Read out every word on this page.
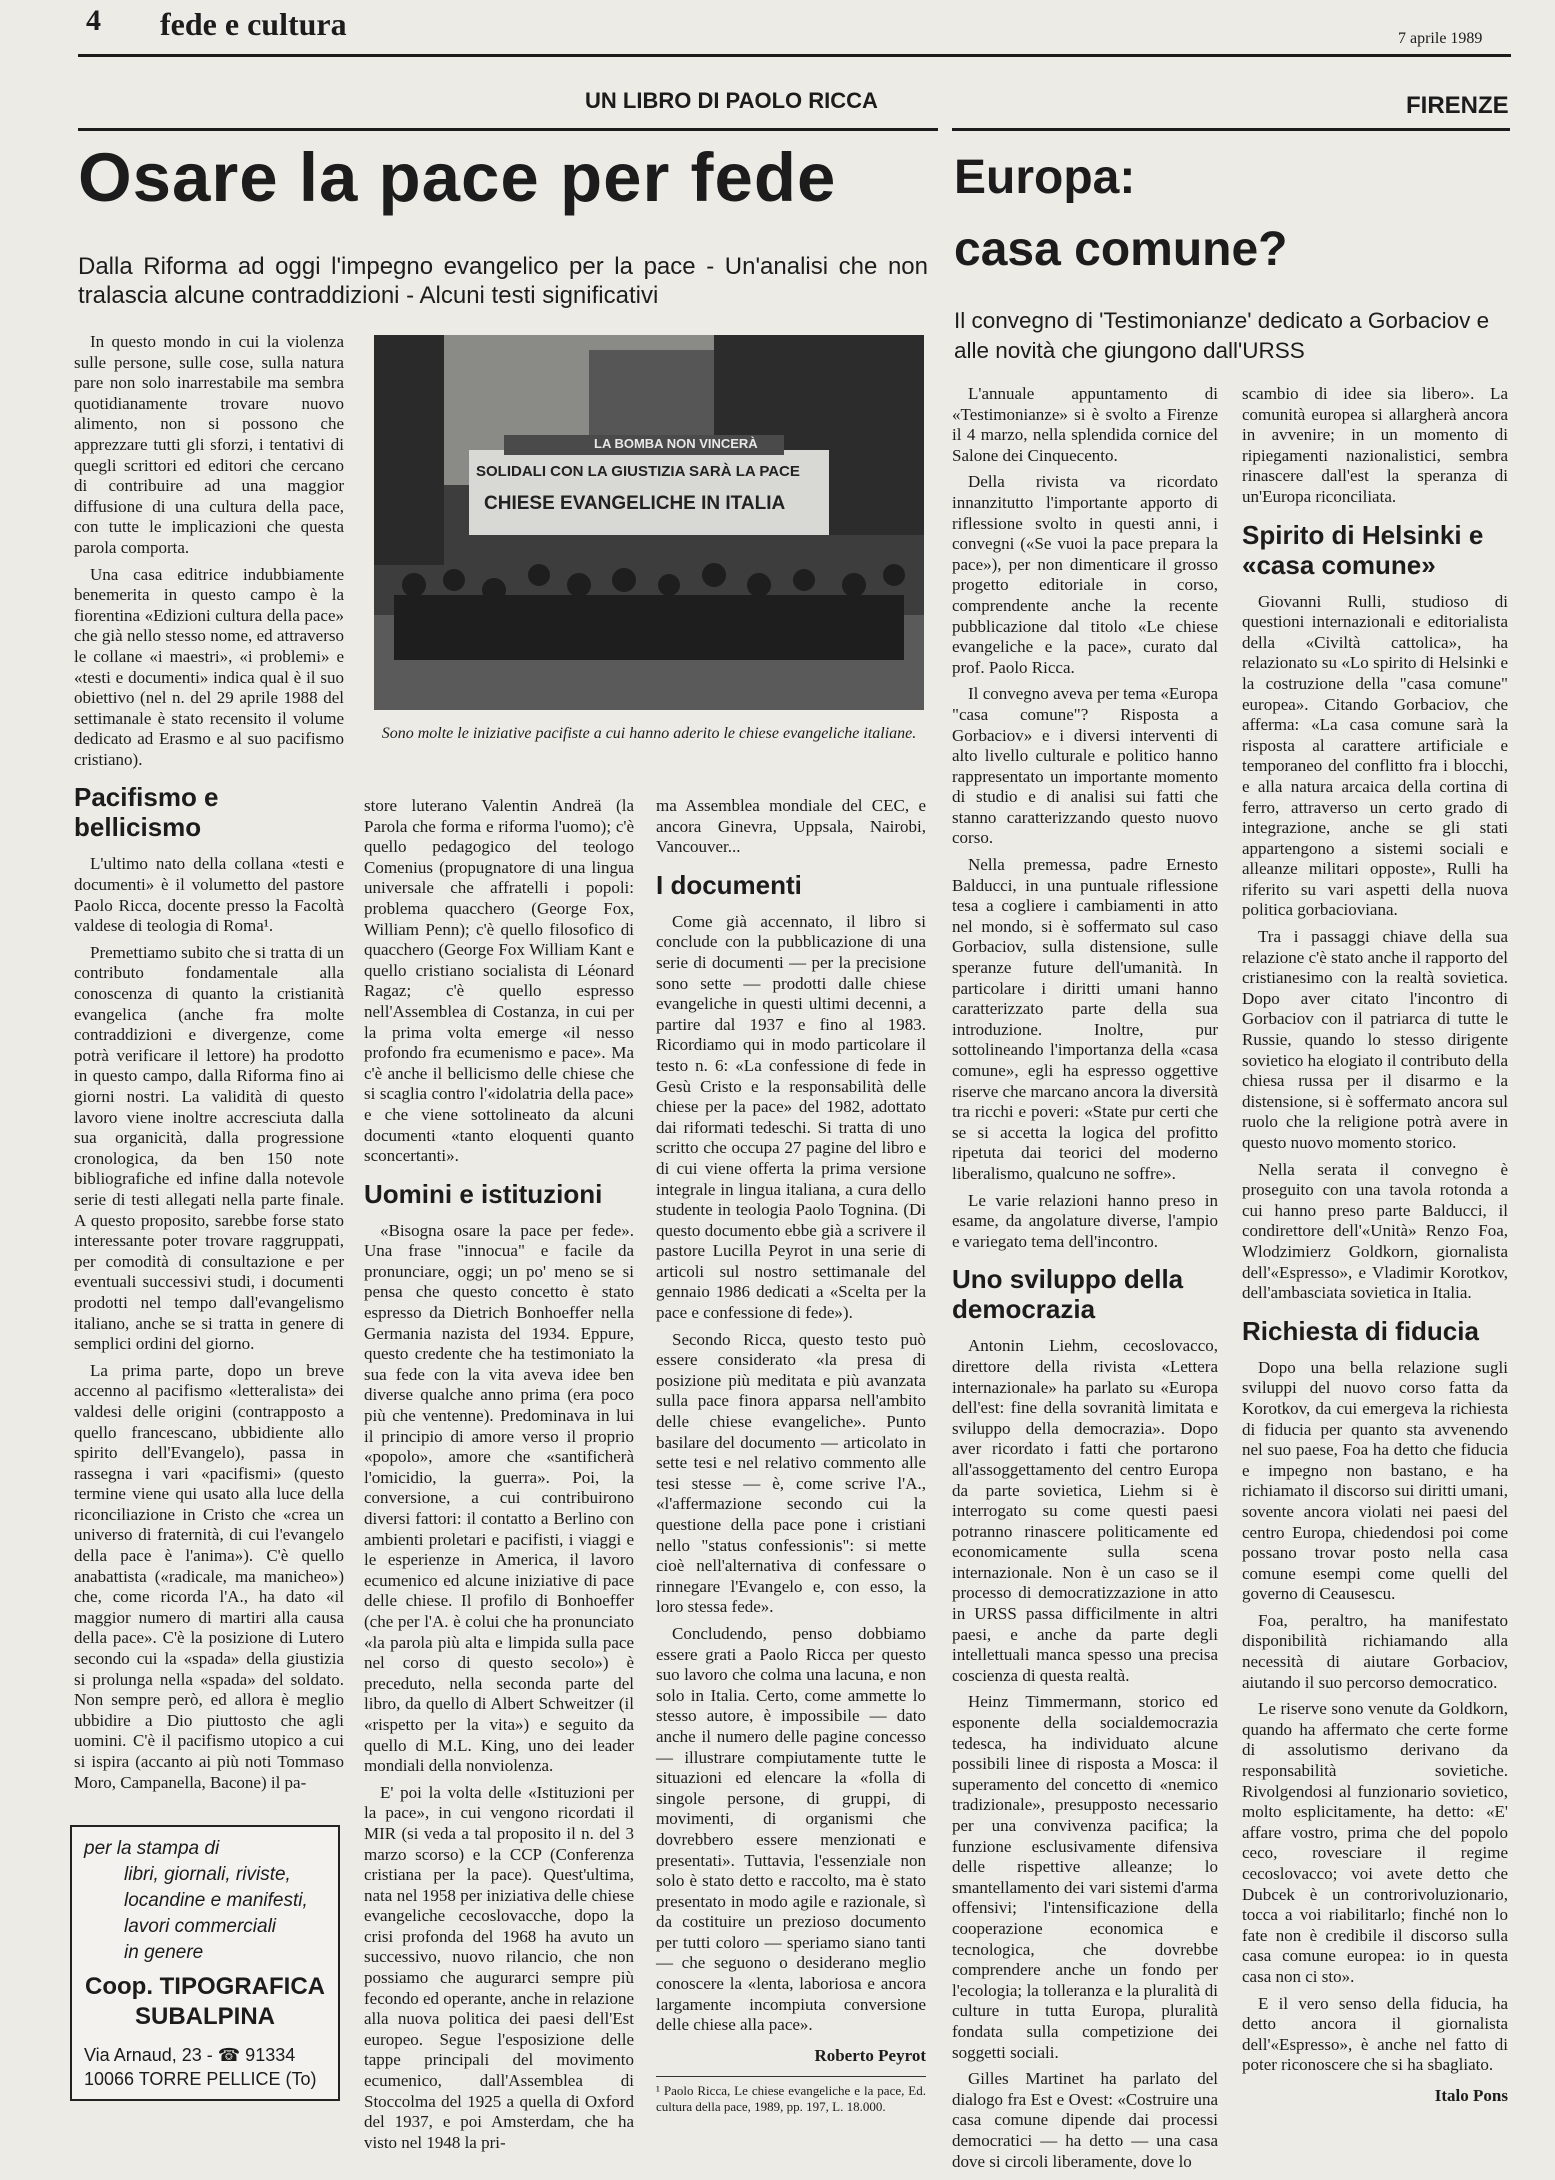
4 fede e cultura	7 aprile 1989
UN LIBRO DI PAOLO RICCA	FIRENZE
Osare la pace per fede
Dalla Riforma ad oggi l'impegno evangelico per la pace - Un'analisi che non tralascia alcune contraddizioni - Alcuni testi significativi
Europa:
casa comune?
Il convegno di 'Testimonianze' dedicato a Gorbaciov e alle novità che giungono dall'URSS

In questo mondo in cui la violenza sulle persone, sulle cose, sulla natura pare non solo inarrestabile ma sembra quotidianamente trovare nuovo alimento, non si possono che apprezzare tutti gli sforzi, i tentativi di quegli scrittori ed editori che cercano di contribuire ad una maggior diffusione di una cultura della pace, con tutte le implicazioni che questa parola comporta.

Una casa editrice indubbiamente benemerita in questo campo è la fiorentina «Edizioni cultura della pace» che già nello stesso nome, ed attraverso le collane «i maestri», «i problemi» e «testi e documenti» indica qual è il suo obiettivo (nel n. del 29 aprile 1988 del settimanale è stato recensito il volume dedicato ad Erasmo e al suo pacifismo cristiano).

Pacifismo e bellicismo

L'ultimo nato della collana «testi e documenti» è il volumetto del pastore Paolo Ricca, docente presso la Facoltà valdese di teologia di Roma¹.

Premettiamo subito che si tratta di un contributo fondamentale alla conoscenza di quanto la cristianità evangelica (anche fra molte contraddizioni e divergenze, come potrà verificare il lettore) ha prodotto in questo campo, dalla Riforma fino ai giorni nostri. La validità di questo lavoro viene inoltre accresciuta dalla sua organicità, dalla progressione cronologica, da ben 150 note bibliografiche ed infine dalla notevole serie di testi allegati nella parte finale. A questo proposito, sarebbe forse stato interessante poter trovare raggruppati, per comodità di consultazione e per eventuali successivi studi, i documenti prodotti nel tempo dall'evangelismo italiano, anche se si tratta in genere di semplici ordini del giorno.

La prima parte, dopo un breve accenno al pacifismo «letteralista» dei valdesi delle origini (contrapposto a quello francescano, ubbidiente allo spirito dell'Evangelo), passa in rassegna i vari «pacifismi» (questo termine viene qui usato alla luce della riconciliazione in Cristo che «crea un universo di fraternità, di cui l'evangelo della pace è l'anima»). C'è quello anabattista («radicale, ma manicheo») che, come ricorda l'A., ha dato «il maggior numero di martiri alla causa della pace». C'è la posizione di Lutero secondo cui la «spada» della giustizia si prolunga nella «spada» del soldato. Non sempre però, ed allora è meglio ubbidire a Dio piuttosto che agli uomini. C'è il pacifismo utopico a cui si ispira (accanto ai più noti Tommaso Moro, Campanella, Bacone) il pa-

LA BOMBA NON VINCERÀ
SOLIDALI CON LA GIUSTIZIA SARÀ LA PACE
CHIESE EVANGELICHE IN ITALIA
Sono molte le iniziative pacifiste a cui hanno aderito le chiese evangeliche italiane.

store luterano Valentin Andreä (la Parola che forma e riforma l'uomo); c'è quello pedagogico del teologo Comenius (propugnatore di una lingua universale che affratelli i popoli: problema quacchero (George Fox, William Penn); c'è quello filosofico di quacchero (George Fox William Kant e quello cristiano socialista di Léonard Ragaz; c'è quello espresso nell'Assemblea di Costanza, in cui per la prima volta emerge «il nesso profondo fra ecumenismo e pace». Ma c'è anche il bellicismo delle chiese che si scaglia contro l'«idolatria della pace» e che viene sottolineato da alcuni documenti «tanto eloquenti quanto sconcertanti».

Uomini e istituzioni

«Bisogna osare la pace per fede». Una frase "innocua" e facile da pronunciare, oggi; un po' meno se si pensa che questo concetto è stato espresso da Dietrich Bonhoeffer nella Germania nazista del 1934. Eppure, questo credente che ha testimoniato la sua fede con la vita aveva idee ben diverse qualche anno prima (era poco più che ventenne). Predominava in lui il principio di amore verso il proprio «popolo», amore che «santificherà l'omicidio, la guerra». Poi, la conversione, a cui contribuirono diversi fattori: il contatto a Berlino con ambienti proletari e pacifisti, i viaggi e le esperienze in America, il lavoro ecumenico ed alcune iniziative di pace delle chiese. Il profilo di Bonhoeffer (che per l'A. è colui che ha pronunciato «la parola più alta e limpida sulla pace nel corso di questo secolo») è preceduto, nella seconda parte del libro, da quello di Albert Schweitzer (il «rispetto per la vita») e seguito da quello di M.L. King, uno dei leader mondiali della nonviolenza.

E' poi la volta delle «Istituzioni per la pace», in cui vengono ricordati il MIR (si veda a tal proposito il n. del 3 marzo scorso) e la CCP (Conferenza cristiana per la pace). Quest'ultima, nata nel 1958 per iniziativa delle chiese evangeliche cecoslovacche, dopo la crisi profonda del 1968 ha avuto un successivo, nuovo rilancio, che non possiamo che augurarci sempre più fecondo ed operante, anche in relazione alla nuova politica dei paesi dell'Est europeo. Segue l'esposizione delle tappe principali del movimento ecumenico, dall'Assemblea di Stoccolma del 1925 a quella di Oxford del 1937, e poi Amsterdam, che ha visto nel 1948 la pri-

ma Assemblea mondiale del CEC, e ancora Ginevra, Uppsala, Nairobi, Vancouver...

I documenti

Come già accennato, il libro si conclude con la pubblicazione di una serie di documenti — per la precisione sono sette — prodotti dalle chiese evangeliche in questi ultimi decenni, a partire dal 1937 e fino al 1983. Ricordiamo qui in modo particolare il testo n. 6: «La confessione di fede in Gesù Cristo e la responsabilità delle chiese per la pace» del 1982, adottato dai riformati tedeschi. Si tratta di uno scritto che occupa 27 pagine del libro e di cui viene offerta la prima versione integrale in lingua italiana, a cura dello studente in teologia Paolo Tognina. (Di questo documento ebbe già a scrivere il pastore Lucilla Peyrot in una serie di articoli sul nostro settimanale del gennaio 1986 dedicati a «Scelta per la pace e confessione di fede»).

Secondo Ricca, questo testo può essere considerato «la presa di posizione più meditata e più avanzata sulla pace finora apparsa nell'ambito delle chiese evangeliche». Punto basilare del documento — articolato in sette tesi e nel relativo commento alle tesi stesse — è, come scrive l'A., «l'affermazione secondo cui la questione della pace pone i cristiani nello "status confessionis": si mette cioè nell'alternativa di confessare o rinnegare l'Evangelo e, con esso, la loro stessa fede».

Concludendo, penso dobbiamo essere grati a Paolo Ricca per questo suo lavoro che colma una lacuna, e non solo in Italia. Certo, come ammette lo stesso autore, è impossibile — dato anche il numero delle pagine concesso — illustrare compiutamente tutte le situazioni ed elencare la «folla di singole persone, di gruppi, di movimenti, di organismi che dovrebbero essere menzionati e presentati». Tuttavia, l'essenziale non solo è stato detto e raccolto, ma è stato presentato in modo agile e razionale, sì da costituire un prezioso documento per tutti coloro — speriamo siano tanti — che seguono o desiderano meglio conoscere la «lenta, laboriosa e ancora largamente incompiuta conversione delle chiese alla pace».

Roberto Peyrot
¹ Paolo Ricca, Le chiese evangeliche e la pace, Ed. cultura della pace, 1989, pp. 197, L. 18.000.
per la stampa di
libri, giornali, riviste,
locandine e manifesti,
lavori commerciali
in genere
Coop. TIPOGRAFICA
SUBALPINA
Via Arnaud, 23 - ☎ 91334
10066 TORRE PELLICE (To)

L'annuale appuntamento di «Testimonianze» si è svolto a Firenze il 4 marzo, nella splendida cornice del Salone dei Cinquecento.

Della rivista va ricordato innanzitutto l'importante apporto di riflessione svolto in questi anni, i convegni («Se vuoi la pace prepara la pace»), per non dimenticare il grosso progetto editoriale in corso, comprendente anche la recente pubblicazione dal titolo «Le chiese evangeliche e la pace», curato dal prof. Paolo Ricca.

Il convegno aveva per tema «Europa "casa comune"? Risposta a Gorbaciov» e i diversi interventi di alto livello culturale e politico hanno rappresentato un importante momento di studio e di analisi sui fatti che stanno caratterizzando questo nuovo corso.

Nella premessa, padre Ernesto Balducci, in una puntuale riflessione tesa a cogliere i cambiamenti in atto nel mondo, si è soffermato sul caso Gorbaciov, sulla distensione, sulle speranze future dell'umanità. In particolare i diritti umani hanno caratterizzato parte della sua introduzione. Inoltre, pur sottolineando l'importanza della «casa comune», egli ha espresso oggettive riserve che marcano ancora la diversità tra ricchi e poveri: «State pur certi che se si accetta la logica del profitto ripetuta dai teorici del moderno liberalismo, qualcuno ne soffre».

Le varie relazioni hanno preso in esame, da angolature diverse, l'ampio e variegato tema dell'incontro.

Uno sviluppo della democrazia

Antonin Liehm, cecoslovacco, direttore della rivista «Lettera internazionale» ha parlato su «Europa dell'est: fine della sovranità limitata e sviluppo della democrazia». Dopo aver ricordato i fatti che portarono all'assoggettamento del centro Europa da parte sovietica, Liehm si è interrogato su come questi paesi potranno rinascere politicamente ed economicamente sulla scena internazionale. Non è un caso se il processo di democratizzazione in atto in URSS passa difficilmente in altri paesi, e anche da parte degli intellettuali manca spesso una precisa coscienza di questa realtà.

Heinz Timmermann, storico ed esponente della socialdemocrazia tedesca, ha individuato alcune possibili linee di risposta a Mosca: il superamento del concetto di «nemico tradizionale», presupposto necessario per una convivenza pacifica; la funzione esclusivamente difensiva delle rispettive alleanze; lo smantellamento dei vari sistemi d'arma offensivi; l'intensificazione della cooperazione economica e tecnologica, che dovrebbe comprendere anche un fondo per l'ecologia; la tolleranza e la pluralità di culture in tutta Europa, pluralità fondata sulla competizione dei soggetti sociali.

Gilles Martinet ha parlato del dialogo fra Est e Ovest: «Costruire una casa comune dipende dai processi democratici — ha detto — una casa dove si circoli liberamente, dove lo

scambio di idee sia libero». La comunità europea si allargherà ancora in avvenire; in un momento di ripiegamenti nazionalistici, sembra rinascere dall'est la speranza di un'Europa riconciliata.

Spirito di Helsinki e «casa comune»

Giovanni Rulli, studioso di questioni internazionali e editorialista della «Civiltà cattolica», ha relazionato su «Lo spirito di Helsinki e la costruzione della "casa comune" europea». Citando Gorbaciov, che afferma: «La casa comune sarà la risposta al carattere artificiale e temporaneo del conflitto fra i blocchi, e alla natura arcaica della cortina di ferro, attraverso un certo grado di integrazione, anche se gli stati appartengono a sistemi sociali e alleanze militari opposte», Rulli ha riferito su vari aspetti della nuova politica gorbacioviana.

Tra i passaggi chiave della sua relazione c'è stato anche il rapporto del cristianesimo con la realtà sovietica. Dopo aver citato l'incontro di Gorbaciov con il patriarca di tutte le Russie, quando lo stesso dirigente sovietico ha elogiato il contributo della chiesa russa per il disarmo e la distensione, si è soffermato ancora sul ruolo che la religione potrà avere in questo nuovo momento storico.

Nella serata il convegno è proseguito con una tavola rotonda a cui hanno preso parte Balducci, il condirettore dell'«Unità» Renzo Foa, Wlodzimierz Goldkorn, giornalista dell'«Espresso», e Vladimir Korotkov, dell'ambasciata sovietica in Italia.

Richiesta di fiducia

Dopo una bella relazione sugli sviluppi del nuovo corso fatta da Korotkov, da cui emergeva la richiesta di fiducia per quanto sta avvenendo nel suo paese, Foa ha detto che fiducia e impegno non bastano, e ha richiamato il discorso sui diritti umani, sovente ancora violati nei paesi del centro Europa, chiedendosi poi come possano trovar posto nella casa comune esempi come quelli del governo di Ceausescu.

Foa, peraltro, ha manifestato disponibilità richiamando alla necessità di aiutare Gorbaciov, aiutando il suo percorso democratico.

Le riserve sono venute da Goldkorn, quando ha affermato che certe forme di assolutismo derivano da responsabilità sovietiche. Rivolgendosi al funzionario sovietico, molto esplicitamente, ha detto: «E' affare vostro, prima che del popolo ceco, rovesciare il regime cecoslovacco; voi avete detto che Dubcek è un controrivoluzionario, tocca a voi riabilitarlo; finché non lo fate non è credibile il discorso sulla casa comune europea: io in questa casa non ci sto».

E il vero senso della fiducia, ha detto ancora il giornalista dell'«Espresso», è anche nel fatto di poter riconoscere che si ha sbagliato.

Italo Pons
